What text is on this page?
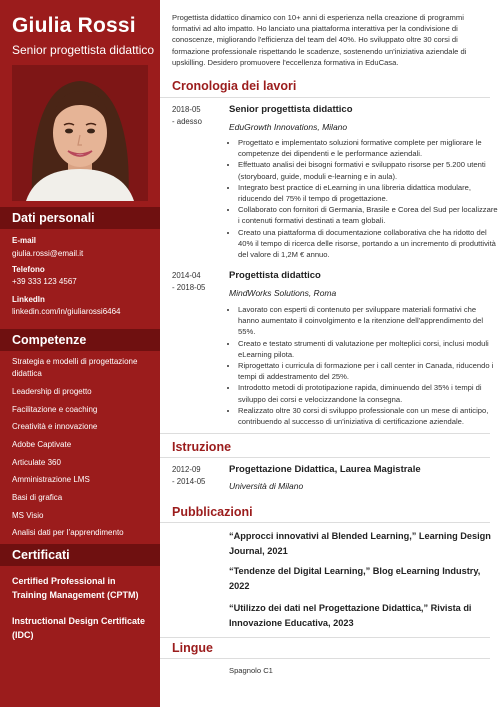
Giulia Rossi
Senior progettista didattico
Dati personali
E-mail
giulia.rossi@email.it
Telefono
+39 333 123 4567
LinkedIn
linkedin.com/in/giuliarossi6464
Competenze
Strategia e modelli di progettazione didattica
Leadership di progetto
Facilitazione e coaching
Creatività e innovazione
Adobe Captivate
Articulate 360
Amministrazione LMS
Basi di grafica
MS Visio
Analisi dati per l’apprendimento
Certificati
Certified Professional in Training Management (CPTM)
Instructional Design Certificate (IDC)
Progettista didattico dinamico con 10+ anni di esperienza nella creazione di programmi formativi ad alto impatto. Ho lanciato una piattaforma interattiva per la condivisione di conoscenze, migliorando l'efficienza del team del 40%. Ho sviluppato oltre 30 corsi di formazione professionale rispettando le scadenze, sostenendo un'iniziativa aziendale di upskilling. Desidero promuovere l'eccellenza formativa in EduCasa.
Cronologia dei lavori
2018-05
- adesso
Senior progettista didattico
EduGrowth Innovations, Milano
• Progettato e implementato soluzioni formative complete per migliorare le competenze dei dipendenti e le performance aziendali.
• Effettuato analisi dei bisogni formativi e sviluppato risorse per 5.200 utenti (storyboard, guide, moduli e-learning e in aula).
• Integrato best practice di eLearning in una libreria didattica modulare, riducendo del 75% il tempo di progettazione.
• Collaborato con fornitori di Germania, Brasile e Corea del Sud per localizzare i contenuti formativi destinati a team globali.
• Creato una piattaforma di documentazione collaborativa che ha ridotto del 40% il tempo di ricerca delle risorse, portando a un incremento di produttività del valore di 1,2M € annuo.
2014-04
- 2018-05
Progettista didattico
MindWorks Solutions, Roma
• Lavorato con esperti di contenuto per sviluppare materiali formativi che hanno aumentato il coinvolgimento e la ritenzione dell'apprendimento del 55%.
• Creato e testato strumenti di valutazione per molteplici corsi, inclusi moduli eLearning pilota.
• Riprogettato i curricula di formazione per i call center in Canada, riducendo i tempi di addestramento del 25%.
• Introdotto metodi di prototipazione rapida, diminuendo del 35% i tempi di sviluppo dei corsi e velocizzandone la consegna.
• Realizzato oltre 30 corsi di sviluppo professionale con un mese di anticipo, contribuendo al successo di un'iniziativa di certificazione aziendale.
Istruzione
2012-09
- 2014-05
Progettazione Didattica, Laurea Magistrale
Università di Milano
Pubblicazioni
“Approcci innovativi al Blended Learning,” Learning Design Journal, 2021
“Tendenze del Digital Learning,” Blog eLearning Industry, 2022
“Utilizzo dei dati nel Progettazione Didattica,” Rivista di Innovazione Educativa, 2023
Lingue
Spagnolo C1
